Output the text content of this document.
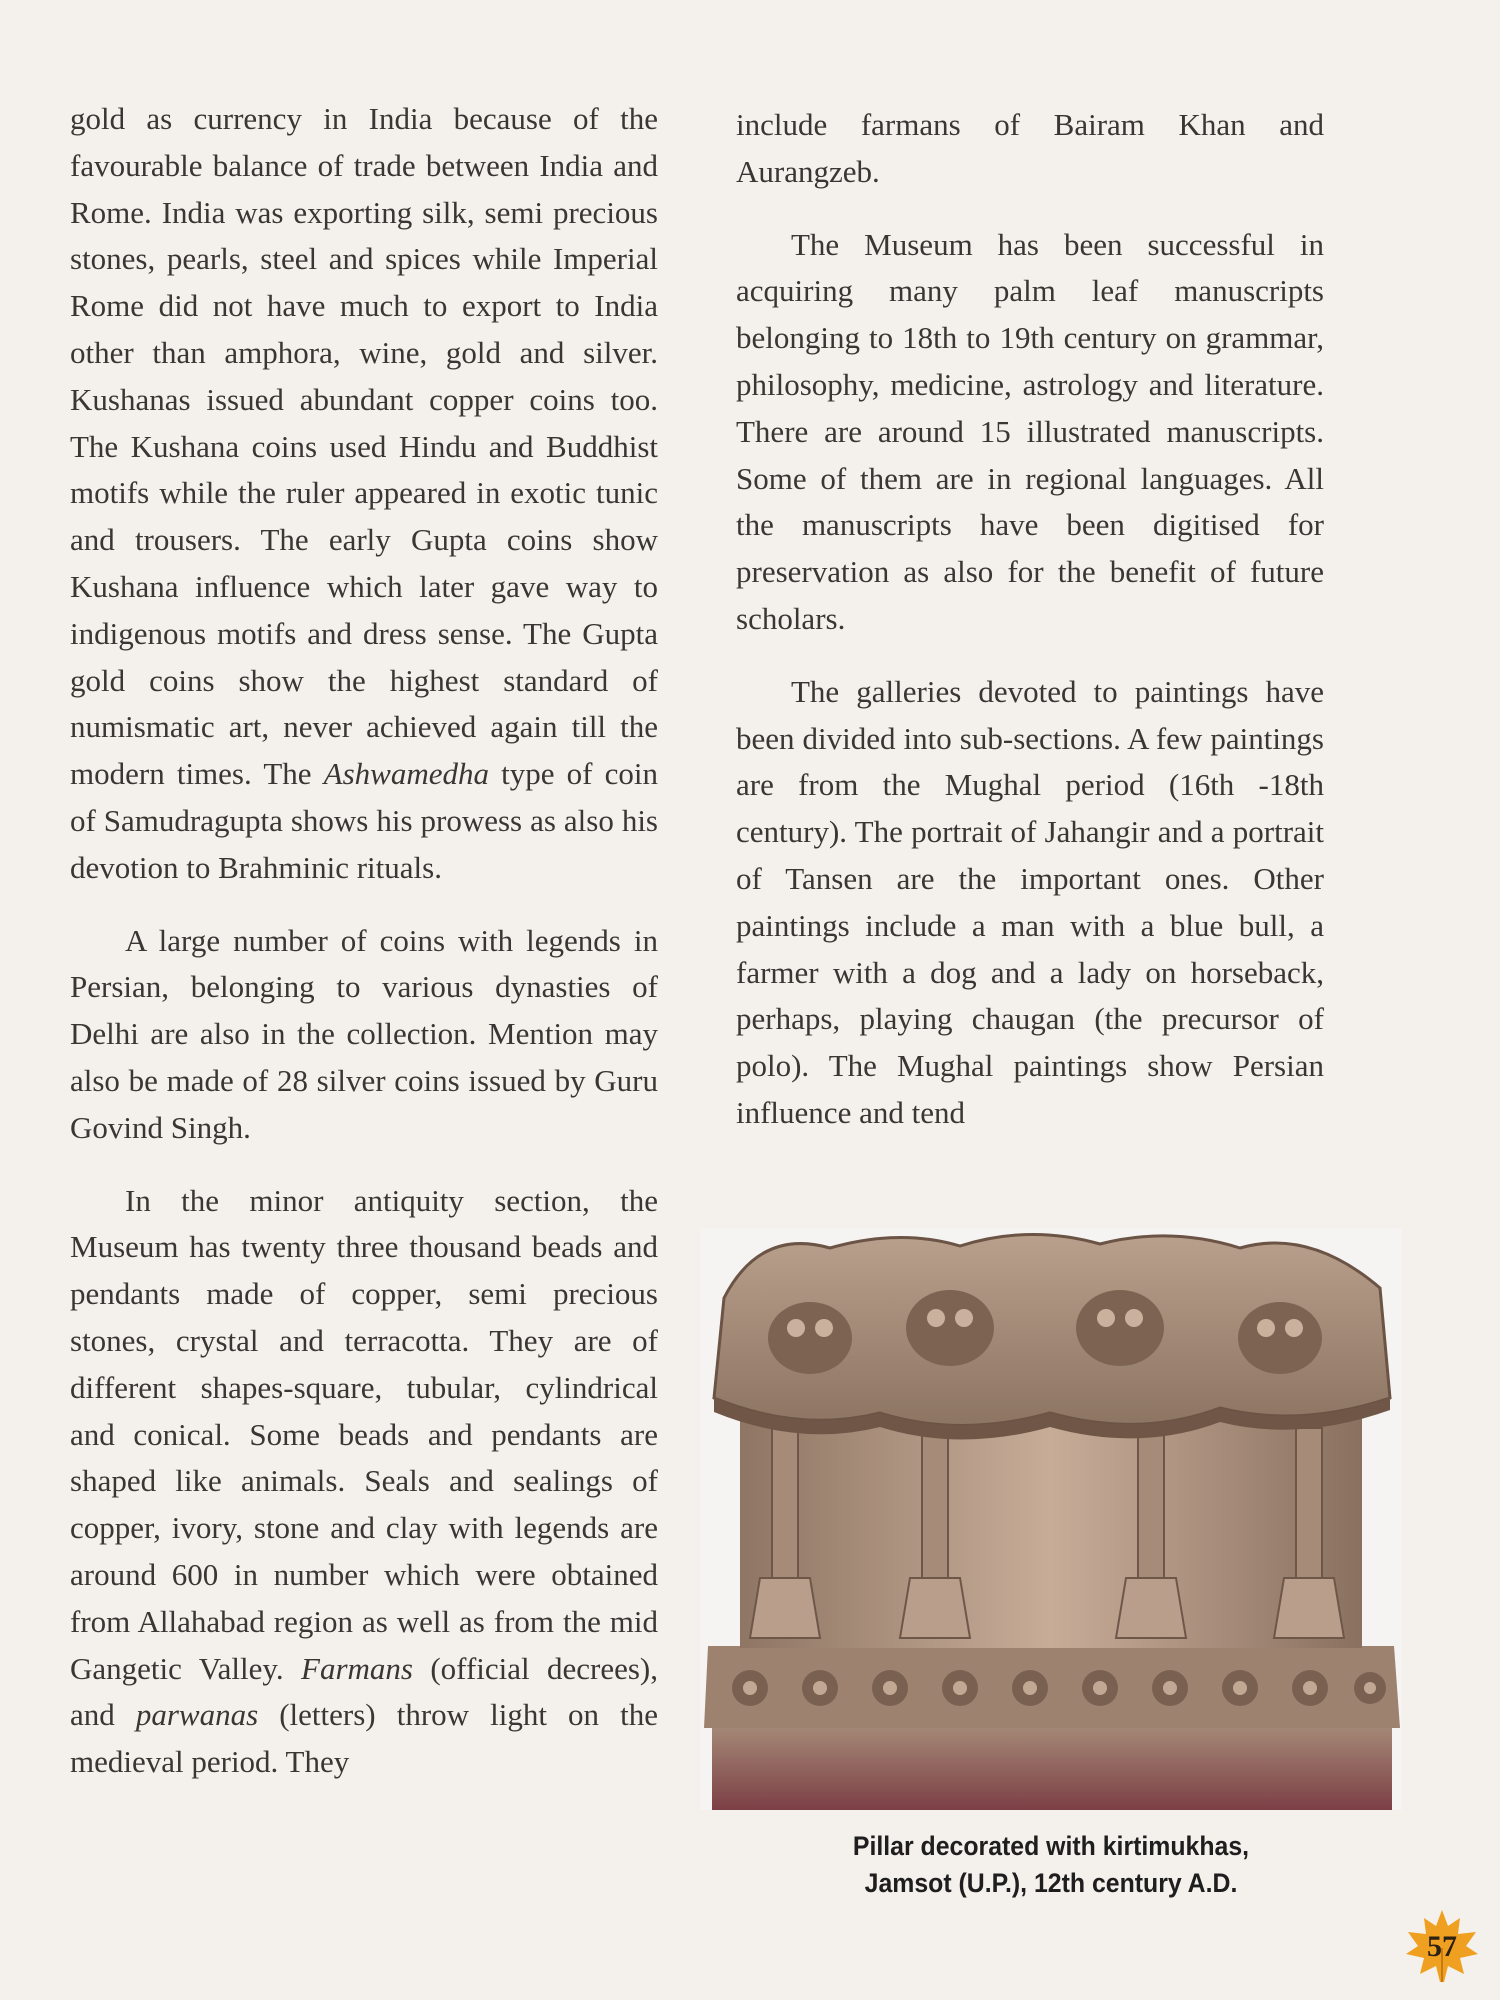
gold as currency in India because of the favourable balance of trade between India and Rome. India was exporting silk, semi precious stones, pearls, steel and spices while Imperial Rome did not have much to export to India other than amphora, wine, gold and silver. Kushanas issued abundant copper coins too. The Kushana coins used Hindu and Buddhist motifs while the ruler appeared in exotic tunic and trousers. The early Gupta coins show Kushana influence which later gave way to indigenous motifs and dress sense. The Gupta gold coins show the highest standard of numismatic art, never achieved again till the modern times. The Ashwamedha type of coin of Samudragupta shows his prowess as also his devotion to Brahminic rituals.

A large number of coins with legends in Persian, belonging to various dynasties of Delhi are also in the collection. Mention may also be made of 28 silver coins issued by Guru Govind Singh.

In the minor antiquity section, the Museum has twenty three thousand beads and pendants made of copper, semi precious stones, crystal and terracotta. They are of different shapes-square, tubular, cylindrical and conical. Some beads and pendants are shaped like animals. Seals and sealings of copper, ivory, stone and clay with legends are around 600 in number which were obtained from Allahabad region as well as from the mid Gangetic Valley. Farmans (official decrees), and parwanas (letters) throw light on the medieval period. They

include farmans of Bairam Khan and Aurangzeb.

The Museum has been successful in acquiring many palm leaf manuscripts belonging to 18th to 19th century on grammar, philosophy, medicine, astrology and literature. There are around 15 illustrated manuscripts. Some of them are in regional languages. All the manuscripts have been digitised for preservation as also for the benefit of future scholars.

The galleries devoted to paintings have been divided into sub-sections. A few paintings are from the Mughal period (16th -18th century). The portrait of Jahangir and a portrait of Tansen are the important ones. Other paintings include a man with a blue bull, a farmer with a dog and a lady on horseback, perhaps, playing chaugan (the precursor of polo). The Mughal paintings show Persian influence and tend

Pillar decorated with kirtimukhas,
Jamsot (U.P.), 12th century A.D.
57
